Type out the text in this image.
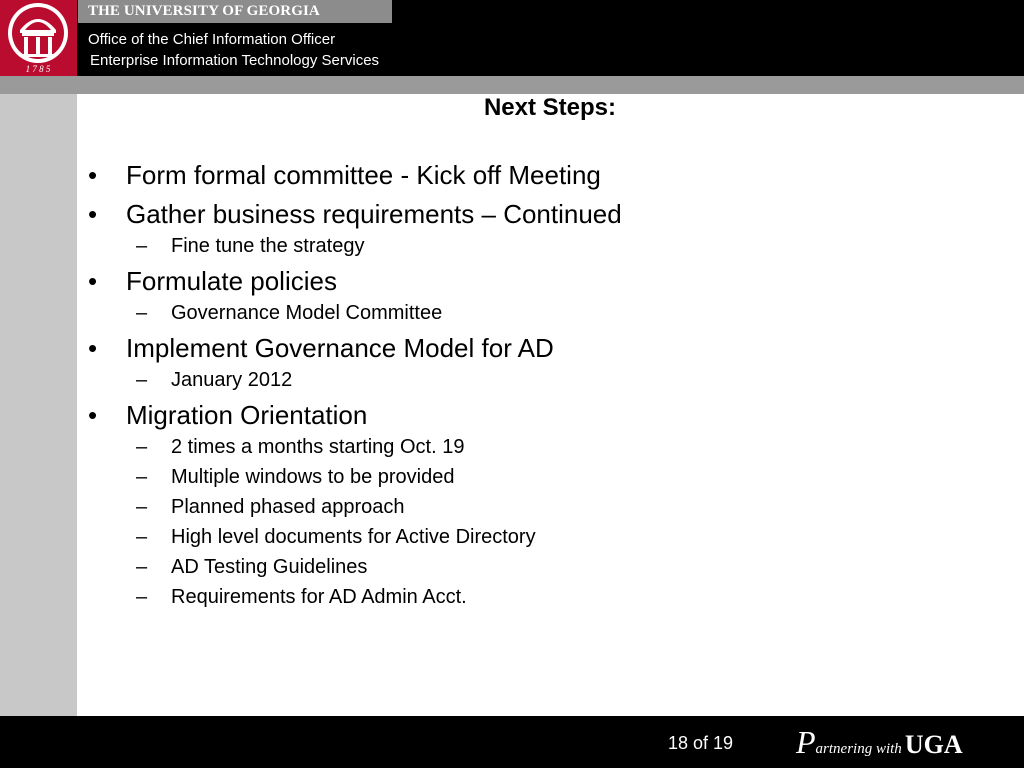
1 7 8 5
THE UNIVERSITY OF GEORGIA
Office of the Chief Information Officer
Enterprise Information Technology Services
Next Steps:
•	Form formal committee - Kick off Meeting
•	Gather business requirements – Continued
–	Fine tune the strategy
•	Formulate policies
–	Governance Model Committee
•	Implement Governance Model for AD
–	January 2012
•	Migration Orientation
–	2 times a months starting Oct. 19
–	Multiple windows to be provided
–	Planned phased approach
–	High level documents for Active Directory
–	AD Testing Guidelines
–	Requirements for AD Admin Acct.
18 of 19 Partnering with UGA
